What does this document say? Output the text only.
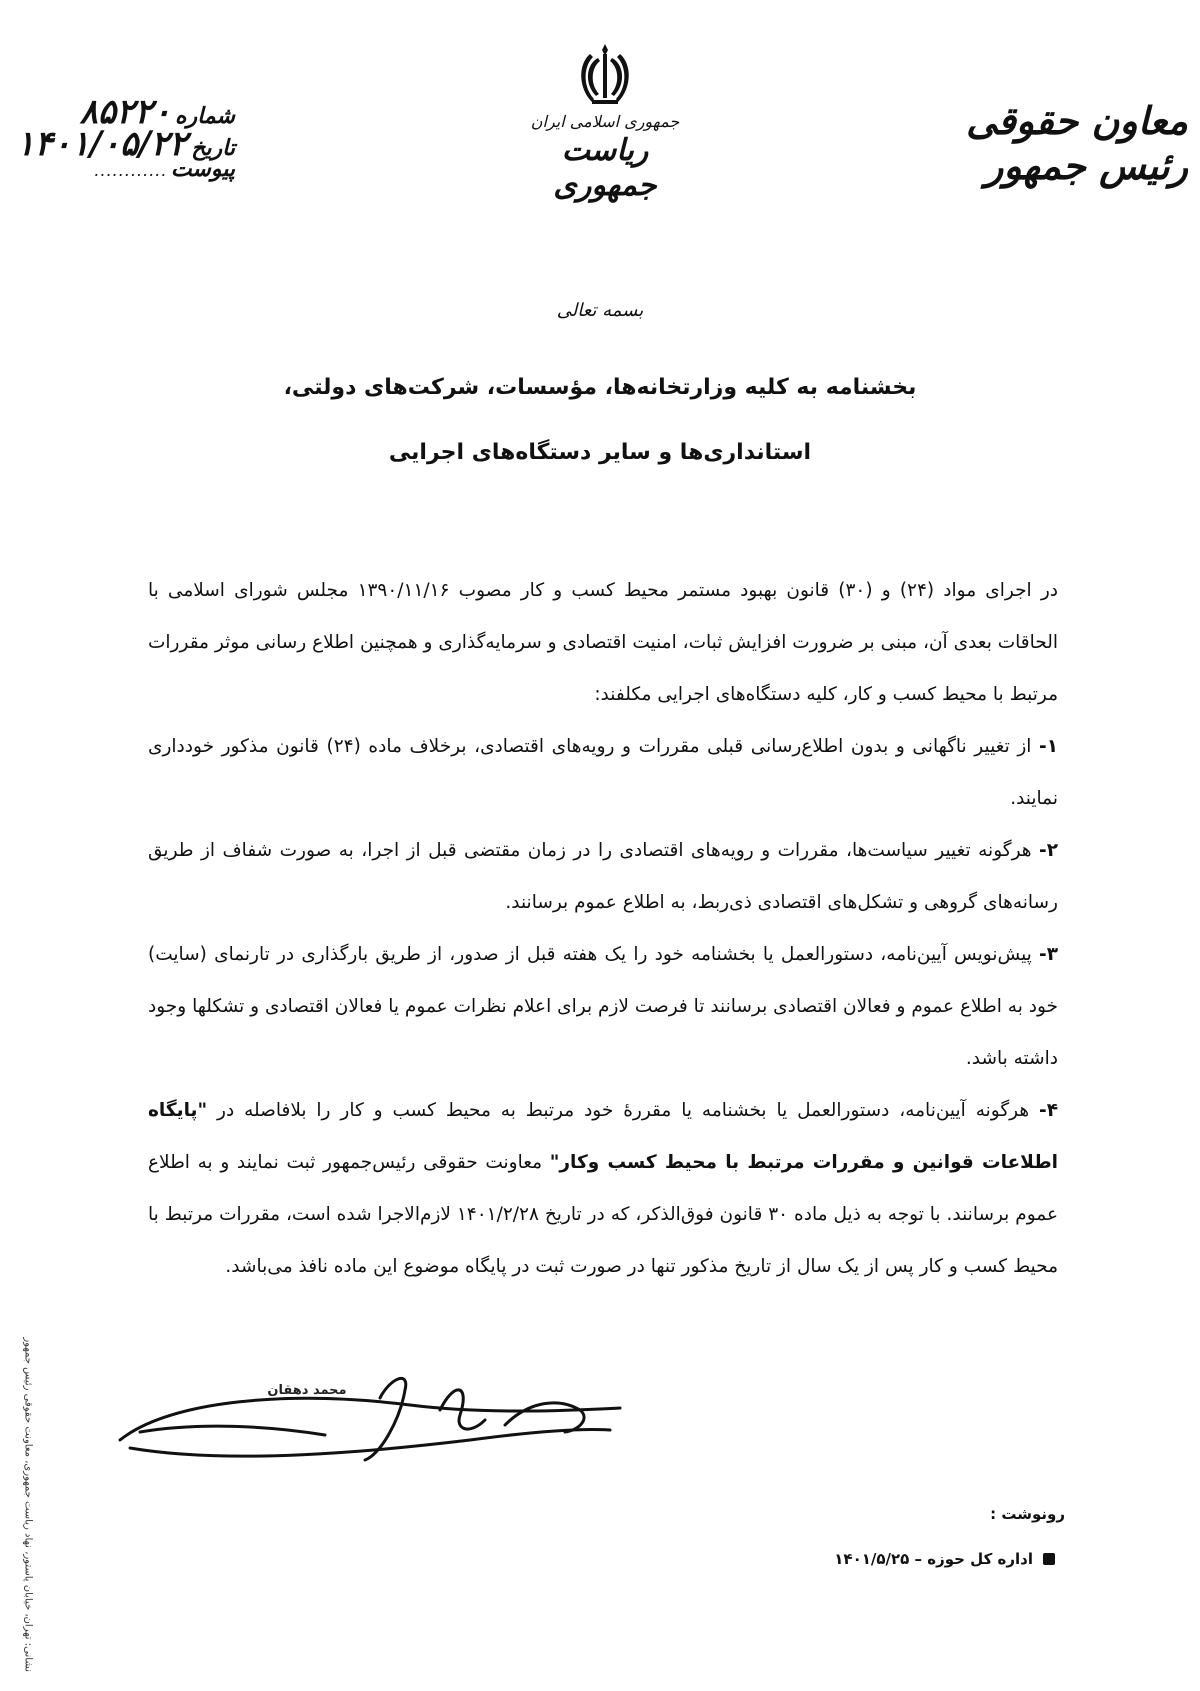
معاون حقوقی رئیس جمهور
جمهوری اسلامی ایران
ریاست جمهوری
شماره
۸۵۲۲۰
تاریخ
۱۴۰۱/۰۵/۲۲
پیوست
............
بسمه تعالی
بخشنامه به کلیه وزارتخانه‌ها، مؤسسات، شرکت‌های دولتی،
استانداری‌ها و سایر دستگاه‌های اجرایی

در اجرای مواد (۲۴) و (۳۰) قانون بهبود مستمر محیط کسب و کار مصوب ۱۳۹۰/۱۱/۱۶ مجلس شورای اسلامی با الحاقات بعدی آن، مبنی بر ضرورت افزایش ثبات، امنیت اقتصادی و سرمایه‌گذاری و همچنین اطلاع رسانی موثر مقررات مرتبط با محیط کسب و کار، کلیه دستگاه‌های اجرایی مکلفند:

۱- از تغییر ناگهانی و بدون اطلاع‌رسانی قبلی مقررات و رویه‌های اقتصادی، برخلاف ماده (۲۴) قانون مذکور خودداری نمایند.

۲- هرگونه تغییر سیاست‌ها، مقررات و رویه‌های اقتصادی را در زمان مقتضی قبل از اجرا، به صورت شفاف از طریق رسانه‌های گروهی و تشکل‌های اقتصادی ذی‌ربط، به اطلاع عموم برسانند.

۳- پیش‌نویس آیین‌نامه، دستورالعمل یا بخشنامه خود را یک هفته قبل از صدور، از طریق بارگذاری در تارنمای (سایت) خود به اطلاع عموم و فعالان اقتصادی برسانند تا فرصت لازم برای اعلام نظرات عموم یا فعالان اقتصادی و تشکلها وجود داشته باشد.

۴- هرگونه آیین‌نامه، دستورالعمل یا بخشنامه یا مقررهٔ خود مرتبط به محیط کسب و کار را بلافاصله در "پایگاه اطلاعات قوانین و مقررات مرتبط با محیط کسب وکار" معاونت حقوقی رئیس‌جمهور ثبت نمایند و به اطلاع عموم برسانند. با توجه به ذیل ماده ۳۰ قانون فوق‌الذکر، که در تاریخ ۱۴۰۱/۲/۲۸ لازم‌الاجرا شده است، مقررات مرتبط با محیط کسب و کار پس از یک سال از تاریخ مذکور تنها در صورت ثبت در پایگاه موضوع این ماده نافذ می‌باشد.

محمد دهقان
رونوشت :
اداره کل حوزه – ۱۴۰۱/۵/۲۵
نشانی: تهران، خیابان پاستور، نهاد ریاست جمهوری، معاونت حقوقی رئیس جمهور
